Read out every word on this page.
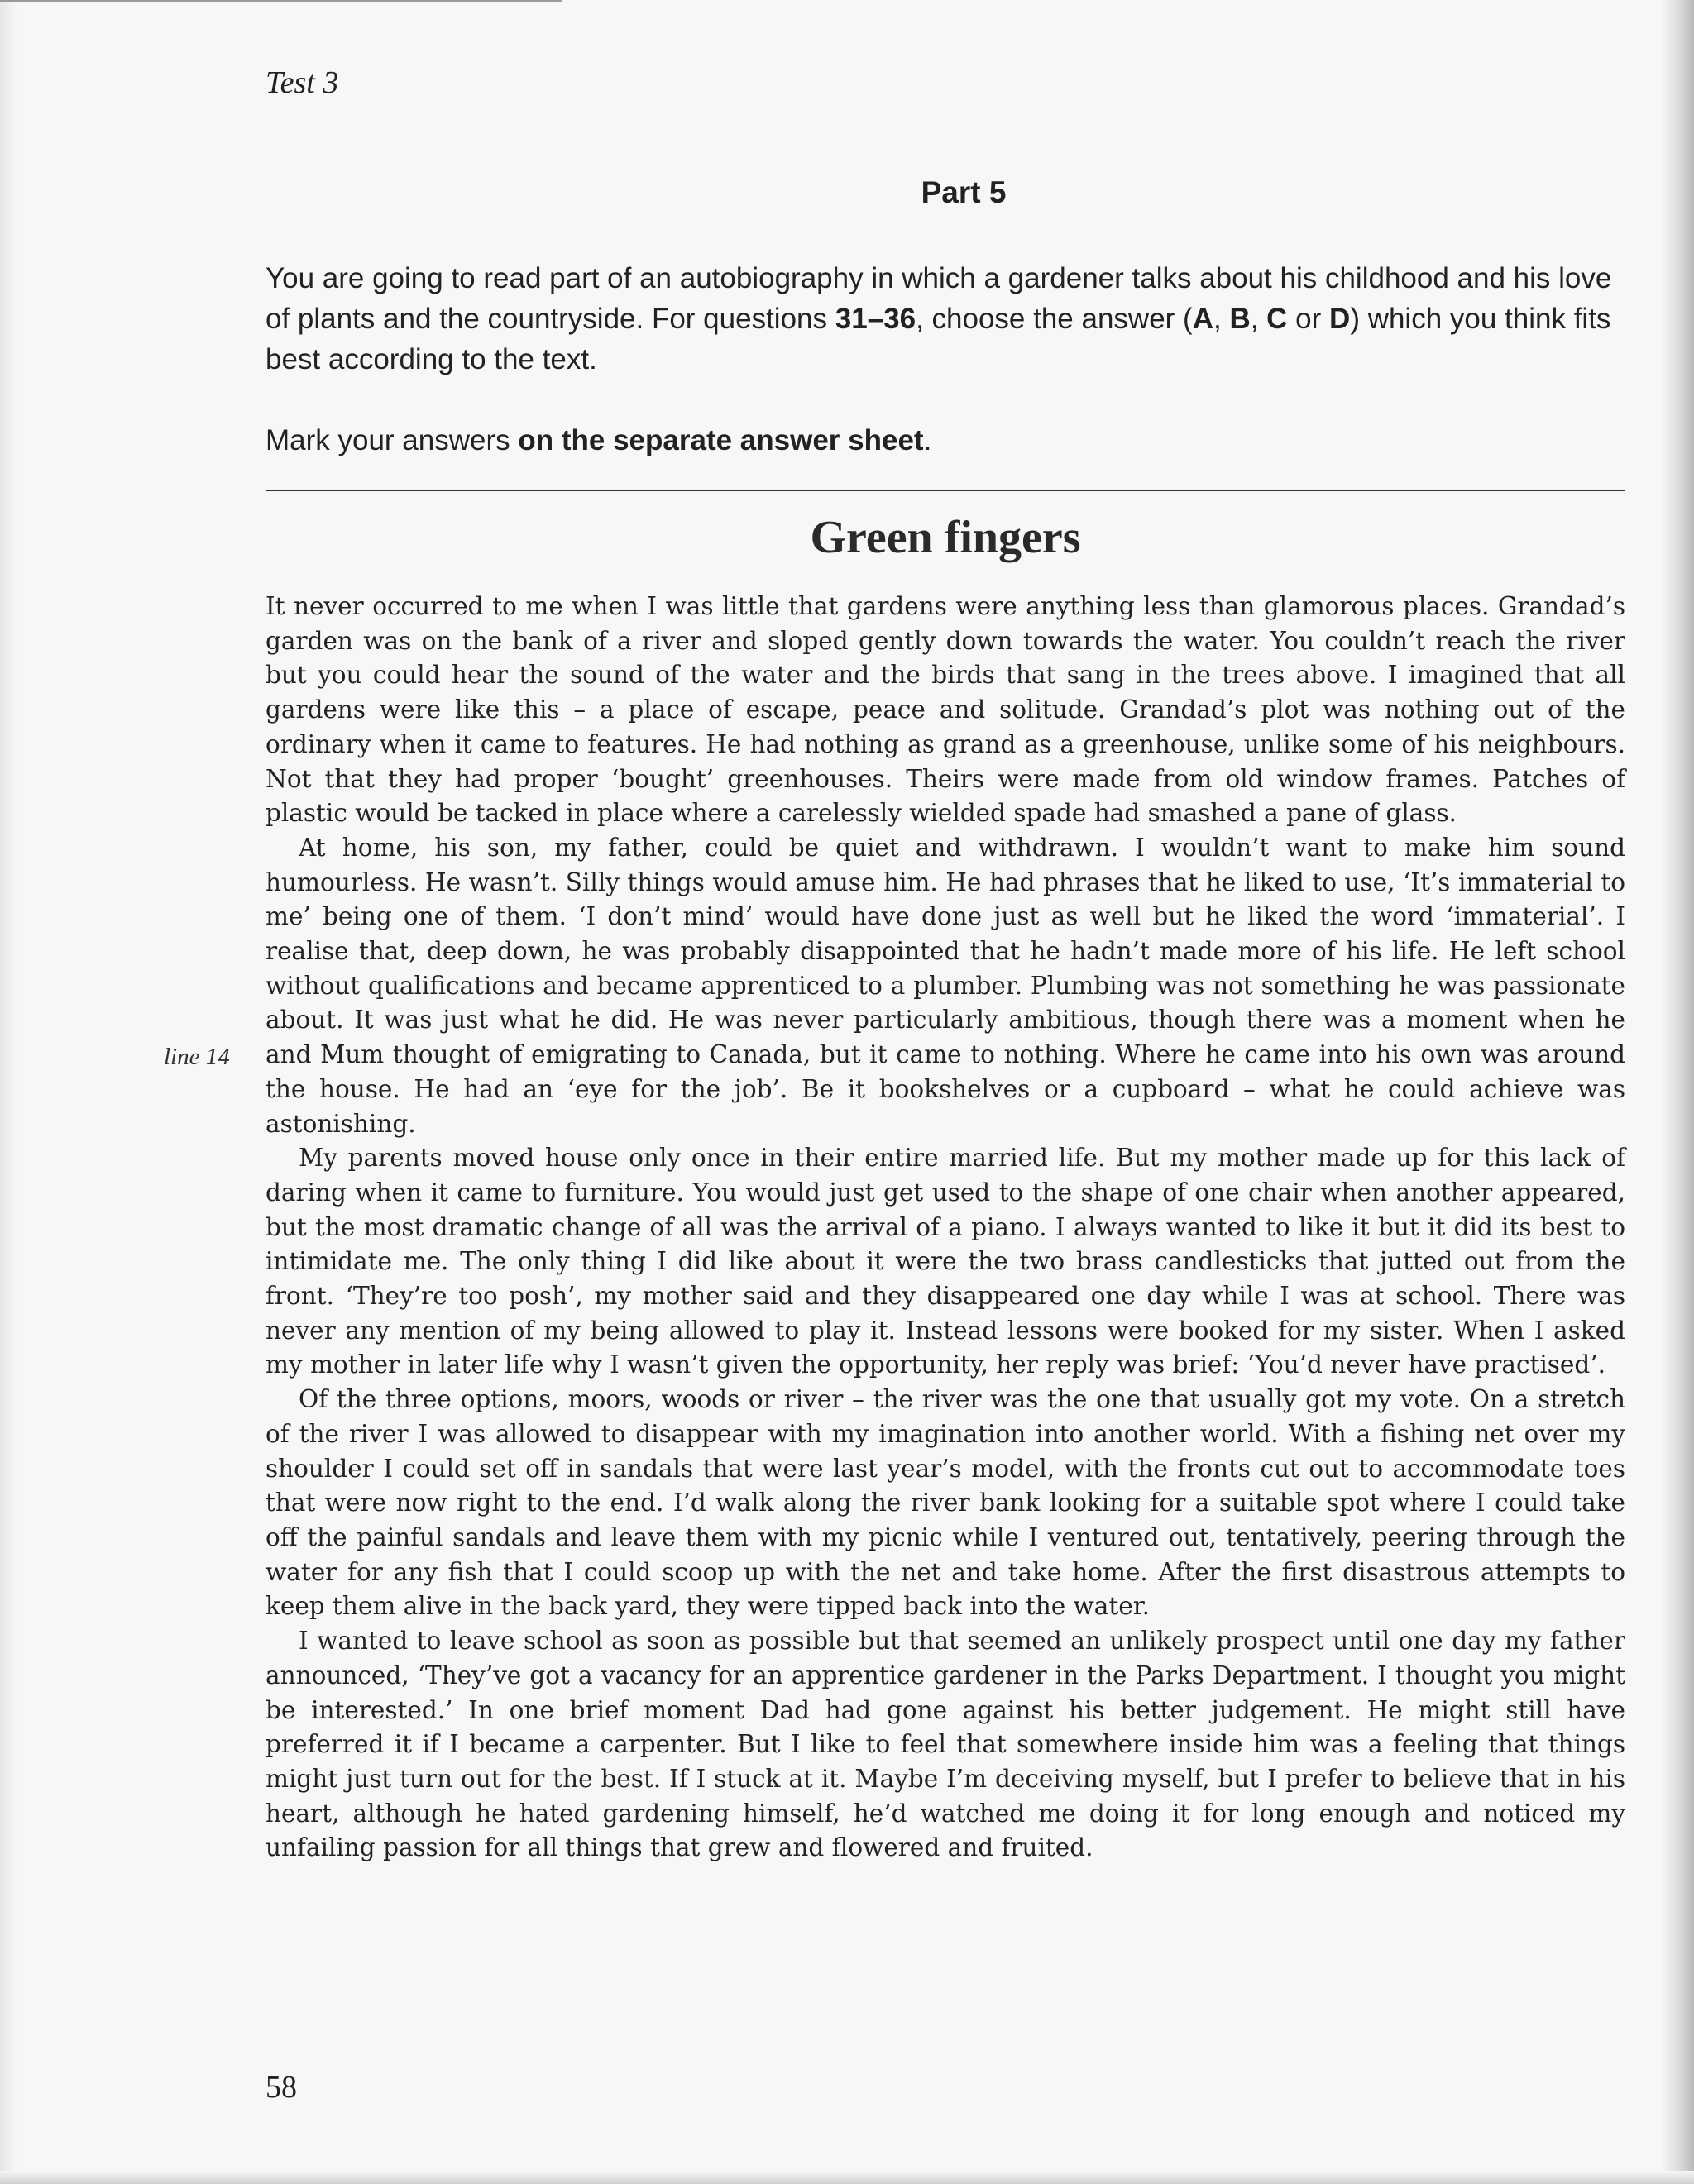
Test 3
Part 5

You are going to read part of an autobiography in which a gardener talks about his childhood and his love of plants and the countryside. For questions 31–36, choose the answer (A, B, C or D) which you think fits best according to the text.

Mark your answers on the separate answer sheet.

Green fingers
line 14

It never occurred to me when I was little that gardens were anything less than glamorous places. Grandad’s garden was on the bank of a river and sloped gently down towards the water. You couldn’t reach the river but you could hear the sound of the water and the birds that sang in the trees above. I imagined that all gardens were like this – a place of escape, peace and solitude. Grandad’s plot was nothing out of the ordinary when it came to features. He had nothing as grand as a greenhouse, unlike some of his neighbours. Not that they had proper ‘bought’ greenhouses. Theirs were made from old window frames. Patches of plastic would be tacked in place where a carelessly wielded spade had smashed a pane of glass.

At home, his son, my father, could be quiet and withdrawn. I wouldn’t want to make him sound humourless. He wasn’t. Silly things would amuse him. He had phrases that he liked to use, ‘It’s immaterial to me’ being one of them. ‘I don’t mind’ would have done just as well but he liked the word ‘immaterial’. I realise that, deep down, he was probably disappointed that he hadn’t made more of his life. He left school without qualifications and became apprenticed to a plumber. Plumbing was not something he was passionate about. It was just what he did. He was never particularly ambitious, though there was a moment when he and Mum thought of emigrating to Canada, but it came to nothing. Where he came into his own was around the house. He had an ‘eye for the job’. Be it bookshelves or a cupboard – what he could achieve was astonishing.

My parents moved house only once in their entire married life. But my mother made up for this lack of daring when it came to furniture. You would just get used to the shape of one chair when another appeared, but the most dramatic change of all was the arrival of a piano. I always wanted to like it but it did its best to intimidate me. The only thing I did like about it were the two brass candlesticks that jutted out from the front. ‘They’re too posh’, my mother said and they disappeared one day while I was at school. There was never any mention of my being allowed to play it. Instead lessons were booked for my sister. When I asked my mother in later life why I wasn’t given the opportunity, her reply was brief: ‘You’d never have practised’.

Of the three options, moors, woods or river – the river was the one that usually got my vote. On a stretch of the river I was allowed to disappear with my imagination into another world. With a fishing net over my shoulder I could set off in sandals that were last year’s model, with the fronts cut out to accommodate toes that were now right to the end. I’d walk along the river bank looking for a suitable spot where I could take off the painful sandals and leave them with my picnic while I ventured out, tentatively, peering through the water for any fish that I could scoop up with the net and take home. After the first disastrous attempts to keep them alive in the back yard, they were tipped back into the water.

I wanted to leave school as soon as possible but that seemed an unlikely prospect until one day my father announced, ‘They’ve got a vacancy for an apprentice gardener in the Parks Department. I thought you might be interested.’ In one brief moment Dad had gone against his better judgement. He might still have preferred it if I became a carpenter. But I like to feel that somewhere inside him was a feeling that things might just turn out for the best. If I stuck at it. Maybe I’m deceiving myself, but I prefer to believe that in his heart, although he hated gardening himself, he’d watched me doing it for long enough and noticed my unfailing passion for all things that grew and flowered and fruited.

58
